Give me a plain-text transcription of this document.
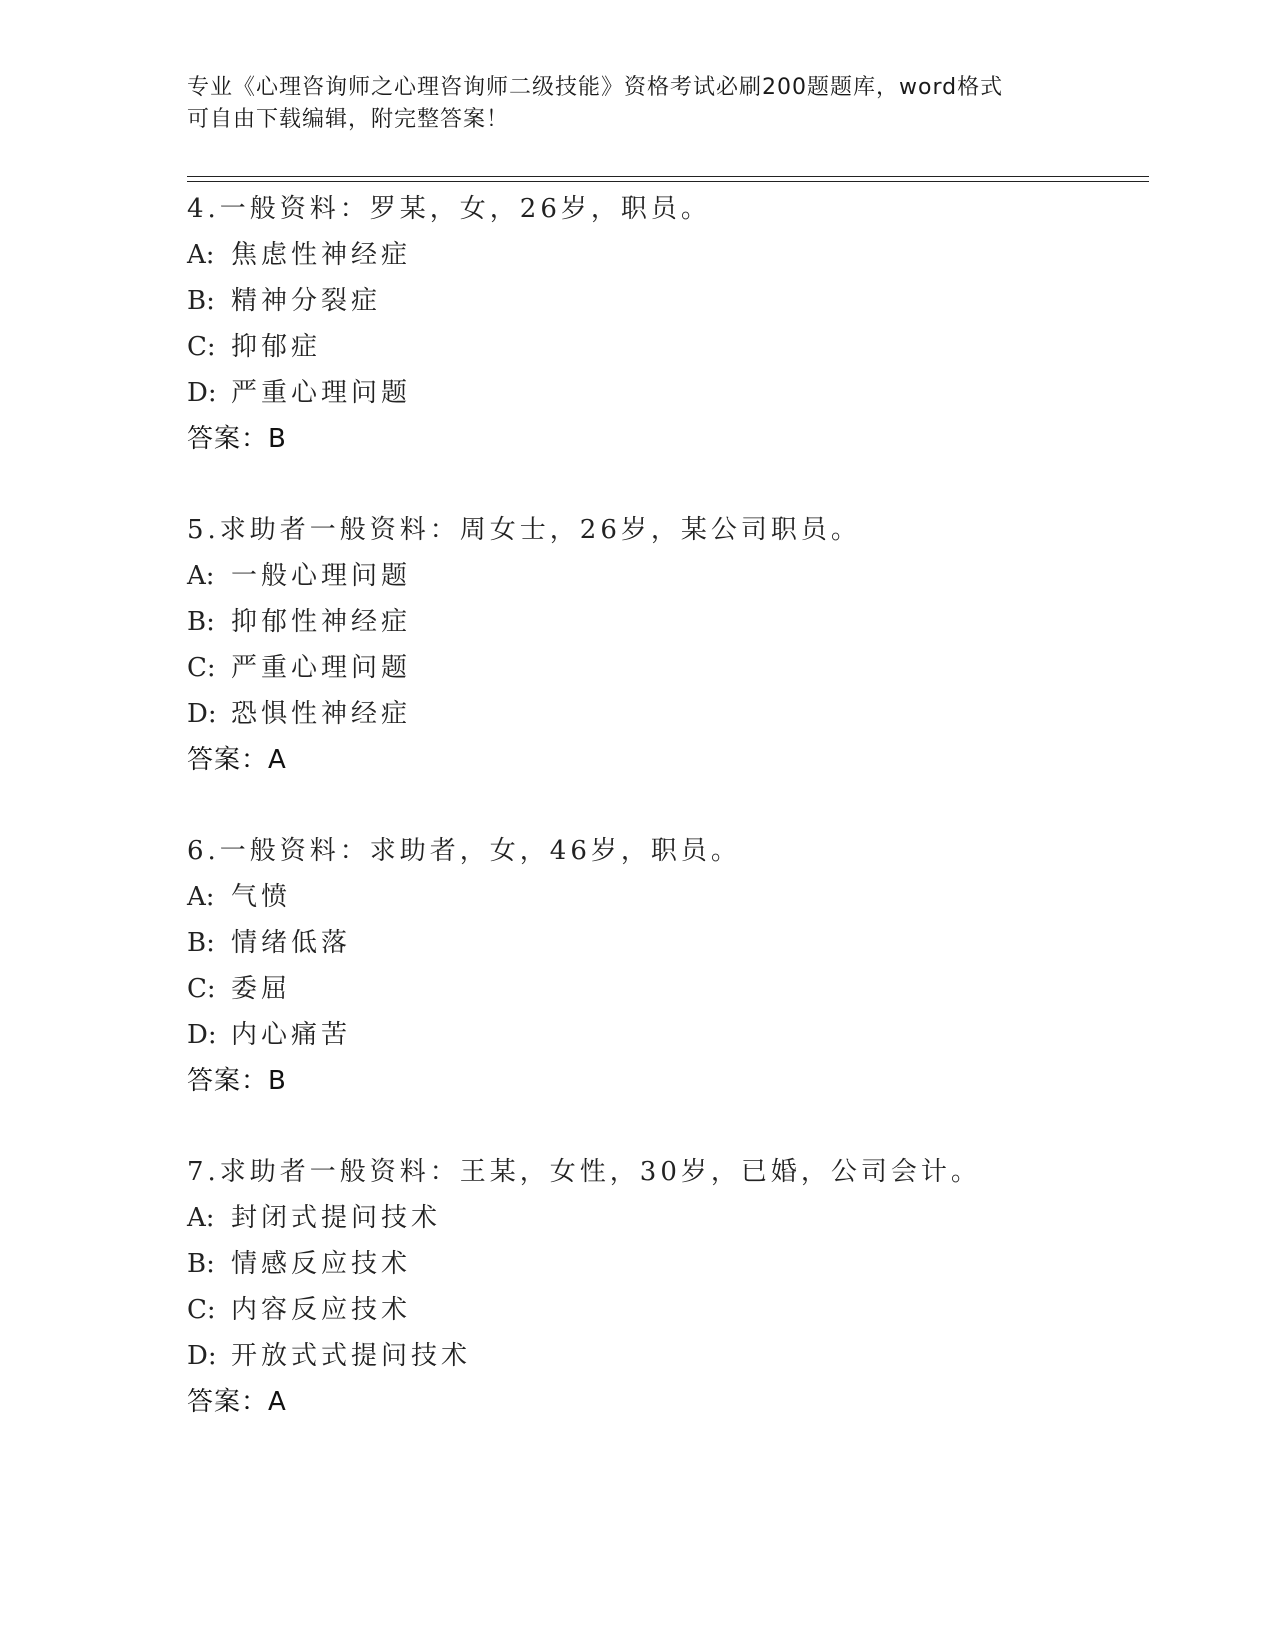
专业《心理咨询师之心理咨询师二级技能》资格考试必刷200题题库，word格式
可自由下载编辑，附完整答案！
4.一般资料：罗某，女，26岁，职员。
A: 焦虑性神经症
B: 精神分裂症
C: 抑郁症
D: 严重心理问题
答案：B
5.求助者一般资料：周女士，26岁，某公司职员。
A: 一般心理问题
B: 抑郁性神经症
C: 严重心理问题
D: 恐惧性神经症
答案：A
6.一般资料：求助者，女，46岁，职员。
A: 气愤
B: 情绪低落
C: 委屈
D: 内心痛苦
答案：B
7.求助者一般资料：王某，女性，30岁，已婚，公司会计。
A: 封闭式提问技术
B: 情感反应技术
C: 内容反应技术
D: 开放式式提问技术
答案：A
